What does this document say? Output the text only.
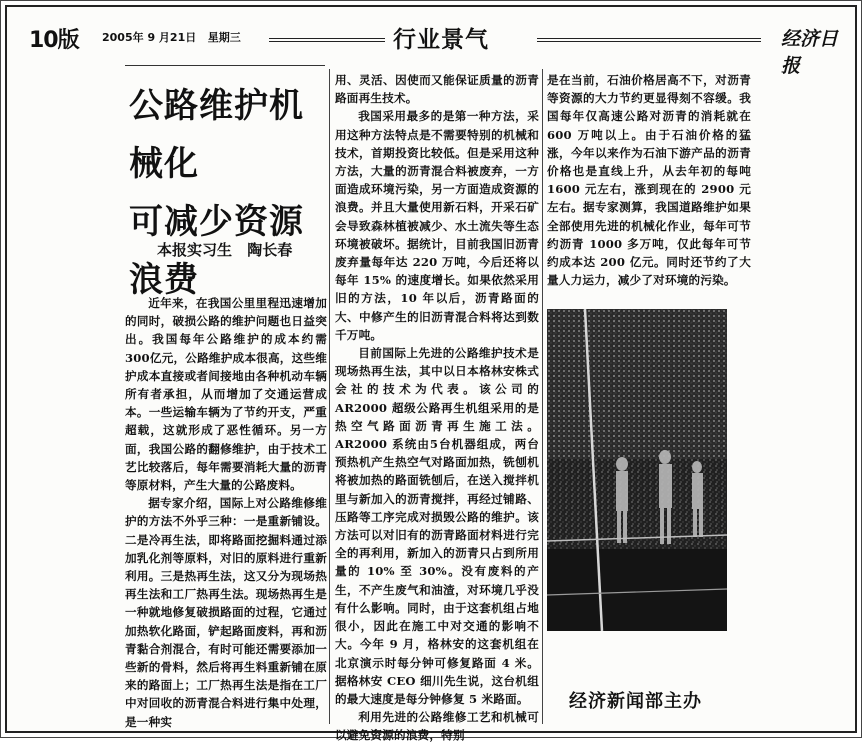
10版 2005年 9 月21日 星期三	行业景气	经济日报
公路维护机械化
可减少资源浪费
本报实习生 陶长春

近年来，在我国公里里程迅速增加的同时，破损公路的维护问题也日益突出。我国每年公路维护的成本约需 300亿元，公路维护成本很高，这些维护成本直接或者间接地由各种机动车辆所有者承担，从而增加了交通运营成本。一些运输车辆为了节约开支，严重超载，这就形成了恶性循环。另一方面，我国公路的翻修维护，由于技术工艺比较落后，每年需要消耗大量的沥青等原材料，产生大量的公路废料。

据专家介绍，国际上对公路维修维护的方法不外乎三种：一是重新铺设。二是冷再生法，即将路面挖掘料通过添加乳化剂等原料，对旧的原料进行重新利用。三是热再生法，这又分为现场热再生法和工厂热再生法。现场热再生是一种就地修复破损路面的过程，它通过加热软化路面，铲起路面废料，再和沥青黏合剂混合，有时可能还需要添加一些新的骨料，然后将再生料重新铺在原来的路面上；工厂热再生法是指在工厂中对回收的沥青混合料进行集中处理，是一种实

用、灵活、因使而又能保证质量的沥青路面再生技术。

我国采用最多的是第一种方法，采用这种方法特点是不需要特别的机械和技术，首期投资比较低。但是采用这种方法，大量的沥青混合料被废弃，一方面造成环境污染，另一方面造成资源的浪费。并且大量使用新石料，开采石矿会导致森林植被减少、水土流失等生态环境被破坏。据统计，目前我国旧沥青废弃量每年达 220 万吨，今后还将以每年 15% 的速度增长。如果依然采用旧的方法，10 年以后，沥青路面的大、中修产生的旧沥青混合料将达到数千万吨。

目前国际上先进的公路维护技术是现场热再生法，其中以日本格林安株式会社的技术为代表。该公司的 AR2000 超级公路再生机组采用的是热空气路面沥青再生施工法。AR2000 系统由5台机器组成，两台预热机产生热空气对路面加热，铣刨机将被加热的路面铣刨后，在送入搅拌机里与新加入的沥青搅拌，再经过铺路、压路等工序完成对损毁公路的维护。该方法可以对旧有的沥青路面材料进行完全的再利用，新加入的沥青只占到所用量的 10% 至 30%。没有废料的产生，不产生废气和油渣，对环境几乎没有什么影响。同时，由于这套机组占地很小，因此在施工中对交通的影响不大。今年 9 月，格林安的这套机组在北京演示时每分钟可修复路面 4 米。据格林安 CEO 细川先生说，这台机组的最大速度是每分钟修复 5 米路面。

利用先进的公路维修工艺和机械可以避免资源的浪费，特别

是在当前，石油价格居高不下，对沥青等资源的大力节约更显得刻不容缓。我国每年仅高速公路对沥青的消耗就在 600 万吨以上。由于石油价格的猛涨，今年以来作为石油下游产品的沥青价格也是直线上升，从去年初的每吨 1600 元左右，涨到现在的 2900 元左右。据专家测算，我国道路维护如果全部使用先进的机械化作业，每年可节约沥青 1000 多万吨，仅此每年可节约成本达 200 亿元。同时还节约了大量人力运力，减少了对环境的污染。

经济新闻部主办
